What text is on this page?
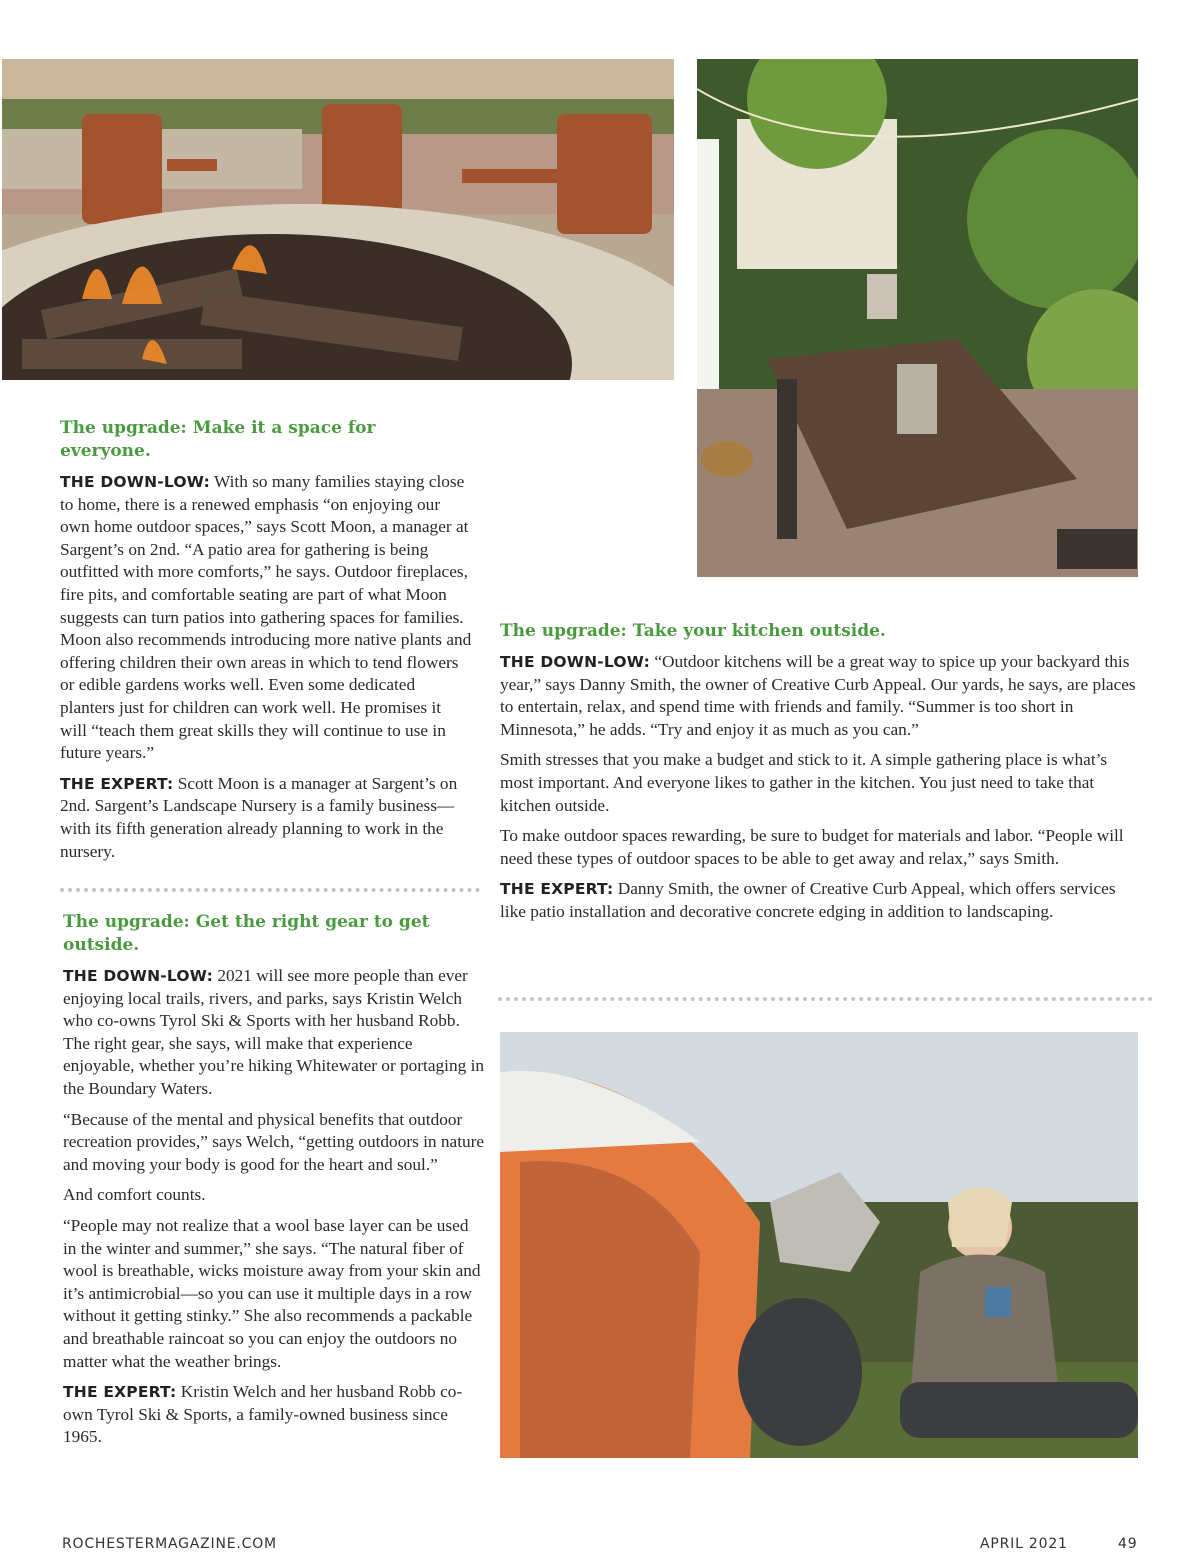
The upgrade: Make it a space for everyone.

THE DOWN-LOW: With so many families staying close to home, there is a renewed emphasis “on enjoying our own home outdoor spaces,” says Scott Moon, a manager at Sargent’s on 2nd. “A patio area for gathering is being outfitted with more comforts,” he says. Outdoor fireplaces, fire pits, and comfortable seating are part of what Moon suggests can turn patios into gathering spaces for families. Moon also recommends introducing more native plants and offering children their own areas in which to tend flowers or edible gardens works well. Even some dedicated planters just for children can work well. He promises it will “teach them great skills they will continue to use in future years.”

THE EXPERT: Scott Moon is a manager at Sargent’s on 2nd. Sargent’s Landscape Nursery is a family business—with its fifth generation already planning to work in the nursery.

The upgrade: Get the right gear to get outside.

THE DOWN-LOW: 2021 will see more people than ever enjoying local trails, rivers, and parks, says Kristin Welch who co-owns Tyrol Ski & Sports with her husband Robb. The right gear, she says, will make that experience enjoyable, whether you’re hiking Whitewater or portaging in the Boundary Waters.

“Because of the mental and physical benefits that outdoor recreation provides,” says Welch, “getting outdoors in nature and moving your body is good for the heart and soul.”

And comfort counts.

“People may not realize that a wool base layer can be used in the winter and summer,” she says. “The natural fiber of wool is breathable, wicks moisture away from your skin and it’s antimicrobial—so you can use it multiple days in a row without it getting stinky.” She also recommends a packable and breathable raincoat so you can enjoy the outdoors no matter what the weather brings.

THE EXPERT: Kristin Welch and her husband Robb co-own Tyrol Ski & Sports, a family-owned business since 1965.

The upgrade: Take your kitchen outside.

THE DOWN-LOW: “Outdoor kitchens will be a great way to spice up your backyard this year,” says Danny Smith, the owner of Creative Curb Appeal. Our yards, he says, are places to entertain, relax, and spend time with friends and family. “Summer is too short in Minnesota,” he adds. “Try and enjoy it as much as you can.”

Smith stresses that you make a budget and stick to it. A simple gathering place is what’s most important. And everyone likes to gather in the kitchen. You just need to take that kitchen outside.

To make outdoor spaces rewarding, be sure to budget for materials and labor. “People will need these types of outdoor spaces to be able to get away and relax,” says Smith.

THE EXPERT: Danny Smith, the owner of Creative Curb Appeal, which offers services like patio installation and decorative concrete edging in addition to landscaping.

ROCHESTERMAGAZINE.COM	APRIL 2021	49
